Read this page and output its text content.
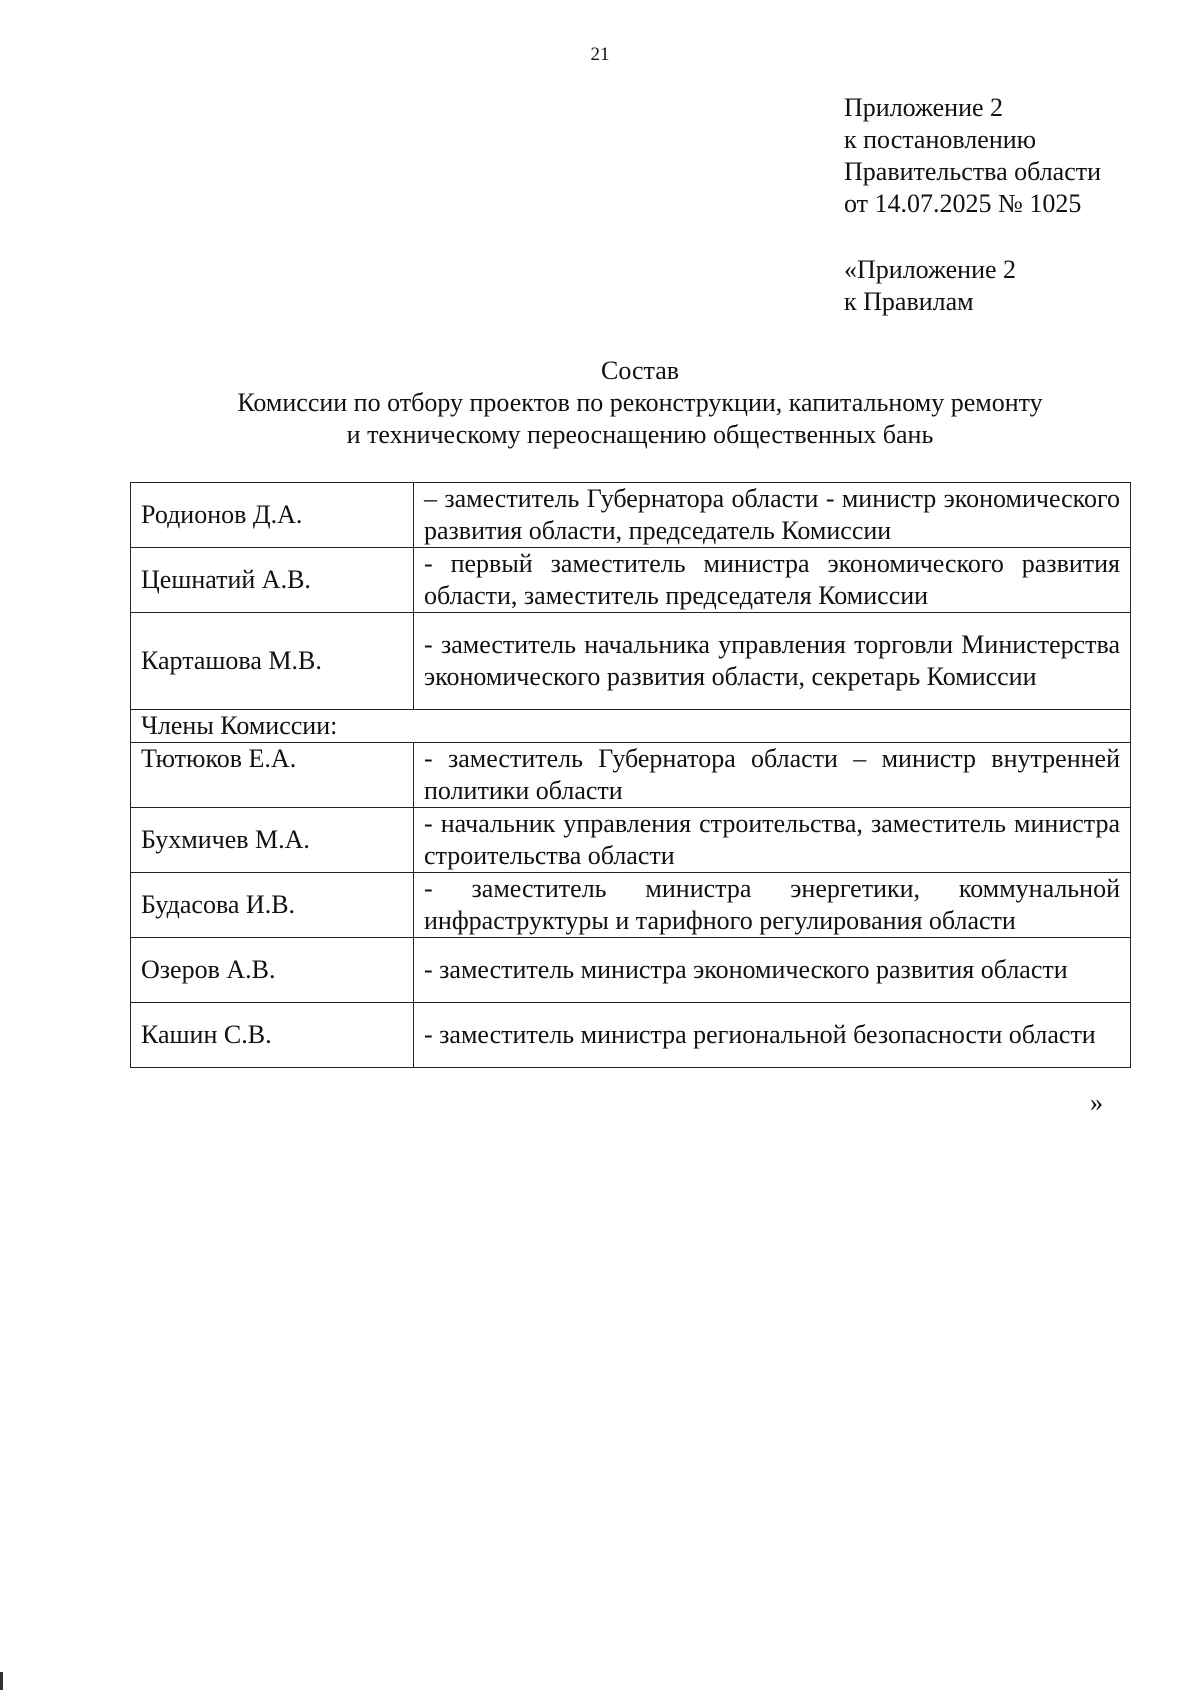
21
Приложение 2
к постановлению
Правительства области
от 14.07.2025 № 1025
«Приложение 2
к Правилам
Состав
Комиссии по отбору проектов по реконструкции, капитальному ремонту
и техническому переоснащению общественных бань
Родионов Д.А.	– заместитель Губернатора области - министр экономического развития области, председатель Комиссии
Цешнатий А.В.	- первый заместитель министра экономического развития области, заместитель председателя Комиссии
Карташова М.В.	- заместитель начальника управления торговли Министерства экономического развития области, секретарь Комиссии
Члены Комиссии:	
Тютюков Е.А.	- заместитель Губернатора области – министр внутренней политики области
Бухмичев М.А.	- начальник управления строительства, заместитель министра строительства области
Будасова И.В.	- заместитель министра энергетики, коммунальной инфраструктуры и тарифного регулирования области
Озеров А.В.	- заместитель министра экономического развития области
Кашин С.В.	- заместитель министра региональной безопасности области
»
